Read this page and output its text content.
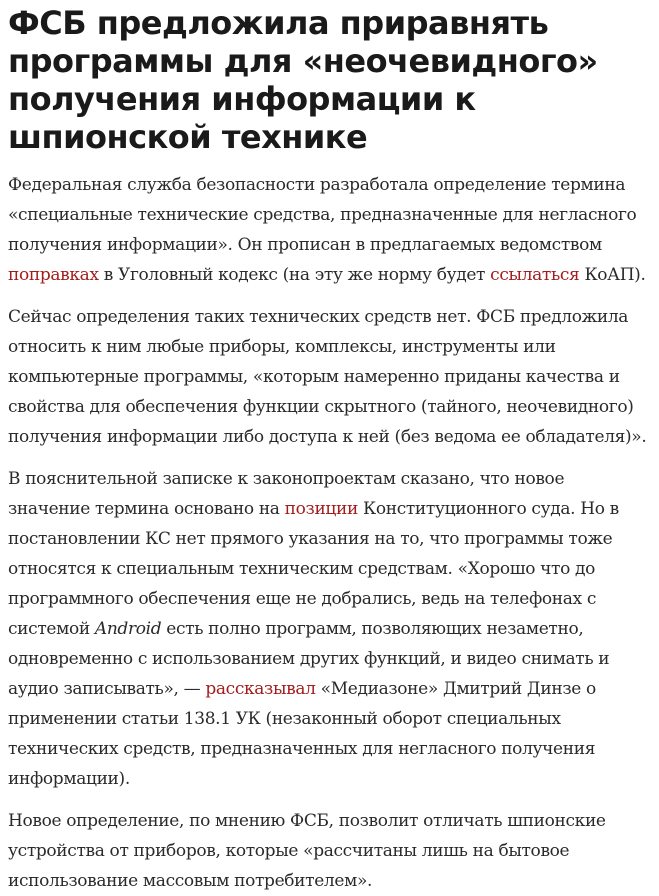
ФСБ предложила приравнять программы для «неочевидного» получения информации к шпионской технике

Федеральная служба безопасности разработала определение термина «специальные технические средства, предназначенные для негласного получения информации». Он прописан в предлагаемых ведомством поправках в Уголовный кодекс (на эту же норму будет ссылаться КоАП).

Сейчас определения таких технических средств нет. ФСБ предложила относить к ним любые приборы, комплексы, инструменты или компьютерные программы, «которым намеренно приданы качества и свойства для обеспечения функции скрытного (тайного, неочевидного) получения информации либо доступа к ней (без ведома ее обладателя)».

В пояснительной записке к законопроектам сказано, что новое значение термина основано на позиции Конституционного суда. Но в постановлении КС нет прямого указания на то, что программы тоже относятся к специальным техническим средствам. «Хорошо что до программного обеспечения еще не добрались, ведь на телефонах с системой Android есть полно программ, позволяющих незаметно, одновременно с использованием других функций, и видео снимать и аудио записывать», — рассказывал «Медиазоне» Дмитрий Динзе о применении статьи 138.1 УК (незаконный оборот специальных технических средств, предназначенных для негласного получения информации).

Новое определение, по мнению ФСБ, позволит отличать шпионские устройства от приборов, которые «рассчитаны лишь на бытовое использование массовым потребителем».
